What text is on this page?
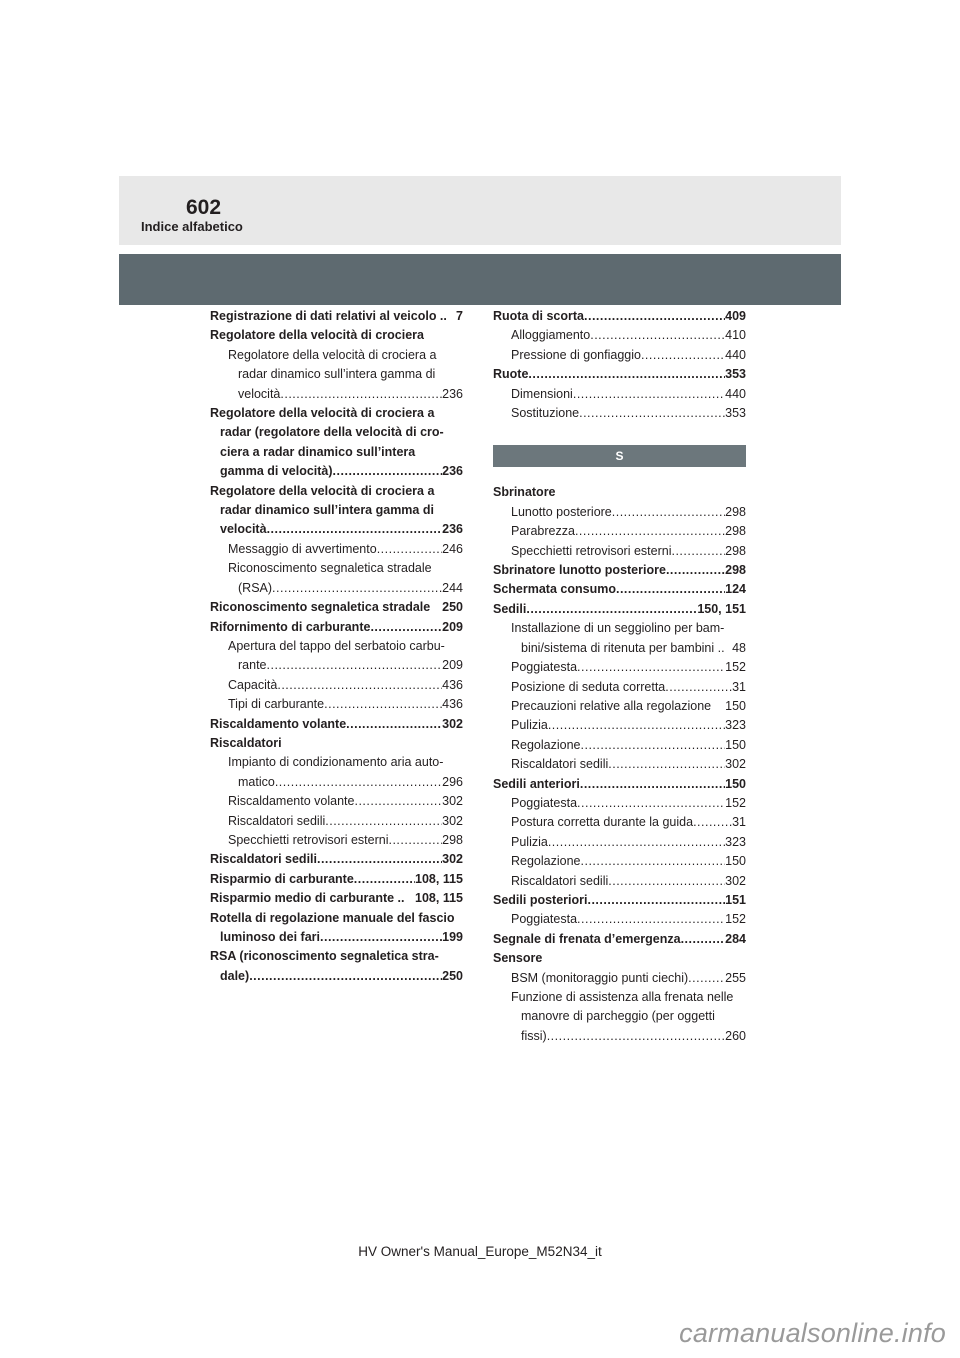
602
Indice alfabetico
Registrazione di dati relativi al veicolo .. 7
Regolatore della velocità di crociera
Regolatore della velocità di crociera a
radar dinamico sull’intera gamma di
velocità .....	236
Regolatore della velocità di crociera a
radar (regolatore della velocità di cro-
ciera a radar dinamico sull’intera
gamma di velocità) .....	236
Regolatore della velocità di crociera a
radar dinamico sull’intera gamma di
velocità .....	236
Messaggio di avvertimento .....	246
Riconoscimento segnaletica stradale
(RSA) .....	244
Riconoscimento segnaletica stradale 250
Rifornimento di carburante .....	209
Apertura del tappo del serbatoio carbu-
rante .....	209
Capacità .....	436
Tipi di carburante .....	436
Riscaldamento volante .....	302
Riscaldatori
Impianto di condizionamento aria auto-
matico .....	296
Riscaldamento volante .....	302
Riscaldatori sedili .....	302
Specchietti retrovisori esterni .....	298
Riscaldatori sedili .....	302
Risparmio di carburante .....	108, 115
Risparmio medio di carburante .. 108, 115
Rotella di regolazione manuale del fascio
luminoso dei fari .....	199
RSA (riconoscimento segnaletica stra-
dale) .....	250
Ruota di scorta .....	409
Alloggiamento .....	410
Pressione di gonfiaggio .....	440
Ruote .....	353
Dimensioni .....	440
Sostituzione .....	353
S
Sbrinatore
Lunotto posteriore .....	298
Parabrezza .....	298
Specchietti retrovisori esterni .....	298
Sbrinatore lunotto posteriore .....	298
Schermata consumo .....	124
Sedili .....	150, 151
Installazione di un seggiolino per bam-
bini/sistema di ritenuta per bambini .. 48
Poggiatesta .....	152
Posizione di seduta corretta .....	31
Precauzioni relative alla regolazione 150
Pulizia .....	323
Regolazione .....	150
Riscaldatori sedili .....	302
Sedili anteriori .....	150
Poggiatesta .....	152
Postura corretta durante la guida .....	31
Pulizia .....	323
Regolazione .....	150
Riscaldatori sedili .....	302
Sedili posteriori .....	151
Poggiatesta .....	152
Segnale di frenata d’emergenza .....	284
Sensore
BSM (monitoraggio punti ciechi) .....	255
Funzione di assistenza alla frenata nelle
manovre di parcheggio (per oggetti
fissi) .....	260
HV Owner's Manual_Europe_M52N34_it
carmanualsonline.info
